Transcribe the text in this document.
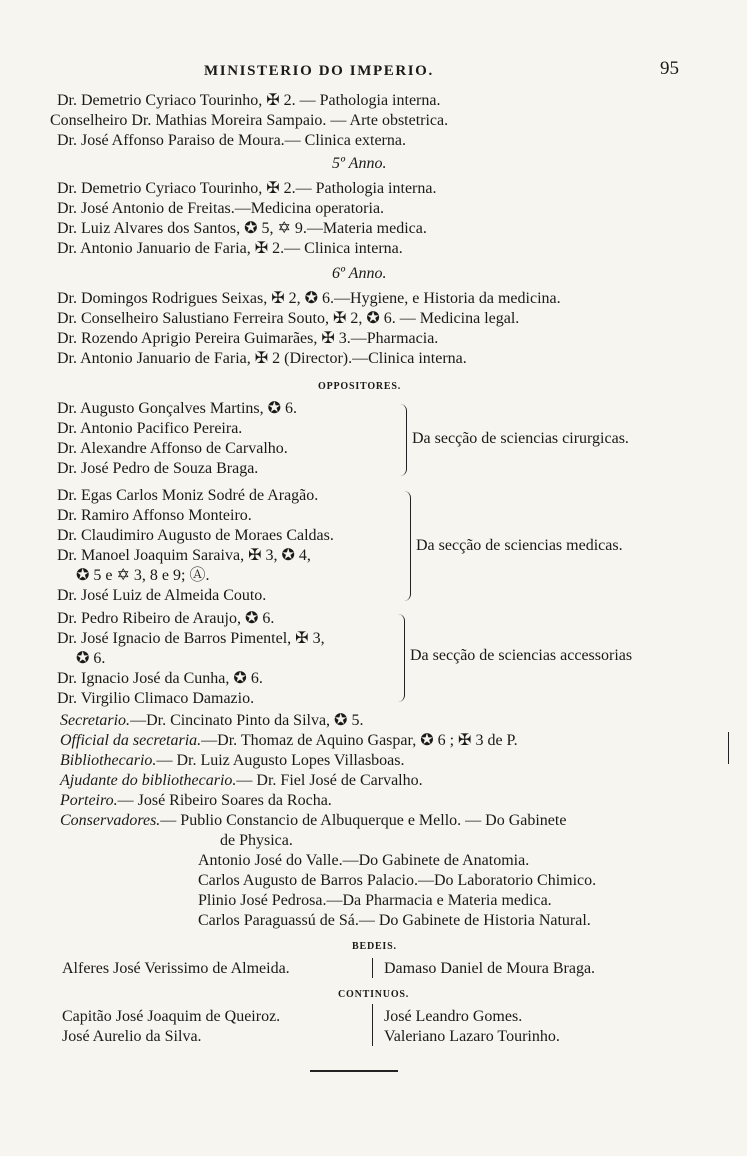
MINISTERIO DO IMPERIO.	95
Dr. Demetrio Cyriaco Tourinho, ✠ 2. — Pathologia interna.
Conselheiro Dr. Mathias Moreira Sampaio. — Arte obstetrica.
Dr. José Affonso Paraiso de Moura.— Clinica externa.
5º Anno.
Dr. Demetrio Cyriaco Tourinho, ✠ 2.— Pathologia interna.
Dr. José Antonio de Freitas.—Medicina operatoria.
Dr. Luiz Alvares dos Santos, ✪ 5, ✡ 9.—Materia medica.
Dr. Antonio Januario de Faria, ✠ 2.— Clinica interna.
6º Anno.
Dr. Domingos Rodrigues Seixas, ✠ 2, ✪ 6.—Hygiene, e Historia da medicina.
Dr. Conselheiro Salustiano Ferreira Souto, ✠ 2, ✪ 6. — Medicina legal.
Dr. Rozendo Aprigio Pereira Guimarães, ✠ 3.—Pharmacia.
Dr. Antonio Januario de Faria, ✠ 2 (Director).—Clinica interna.
OPPOSITORES.
Dr. Augusto Gonçalves Martins, ✪ 6.
Dr. Antonio Pacifico Pereira.
Dr. Alexandre Affonso de Carvalho.
Dr. José Pedro de Souza Braga.
Da secção de sciencias cirurgicas.
Dr. Egas Carlos Moniz Sodré de Aragão.
Dr. Ramiro Affonso Monteiro.
Dr. Claudimiro Augusto de Moraes Caldas.
Dr. Manoel Joaquim Saraiva, ✠ 3, ✪ 4,
✪ 5 e ✡ 3, 8 e 9; Ⓐ.
Dr. José Luiz de Almeida Couto.
Da secção de sciencias medicas.
Dr. Pedro Ribeiro de Araujo, ✪ 6.
Dr. José Ignacio de Barros Pimentel, ✠ 3,
✪ 6.
Dr. Ignacio José da Cunha, ✪ 6.
Dr. Virgilio Climaco Damazio.
Da secção de sciencias accessorias
Secretario.—Dr. Cincinato Pinto da Silva, ✪ 5.
Official da secretaria.—Dr. Thomaz de Aquino Gaspar, ✪ 6 ; ✠ 3 de P.
Bibliothecario.— Dr. Luiz Augusto Lopes Villasboas.
Ajudante do bibliothecario.— Dr. Fiel José de Carvalho.
Porteiro.— José Ribeiro Soares da Rocha.
Conservadores.— Publio Constancio de Albuquerque e Mello. — Do Gabinete
de Physica.
Antonio José do Valle.—Do Gabinete de Anatomia.
Carlos Augusto de Barros Palacio.—Do Laboratorio Chimico.
Plinio José Pedrosa.—Da Pharmacia e Materia medica.
Carlos Paraguassú de Sá.— Do Gabinete de Historia Natural.
BEDEIS.
Alferes José Verissimo de Almeida.	Damaso Daniel de Moura Braga.
CONTINUOS.
Capitão José Joaquim de Queiroz.
José Aurelio da Silva.
José Leandro Gomes.
Valeriano Lazaro Tourinho.
